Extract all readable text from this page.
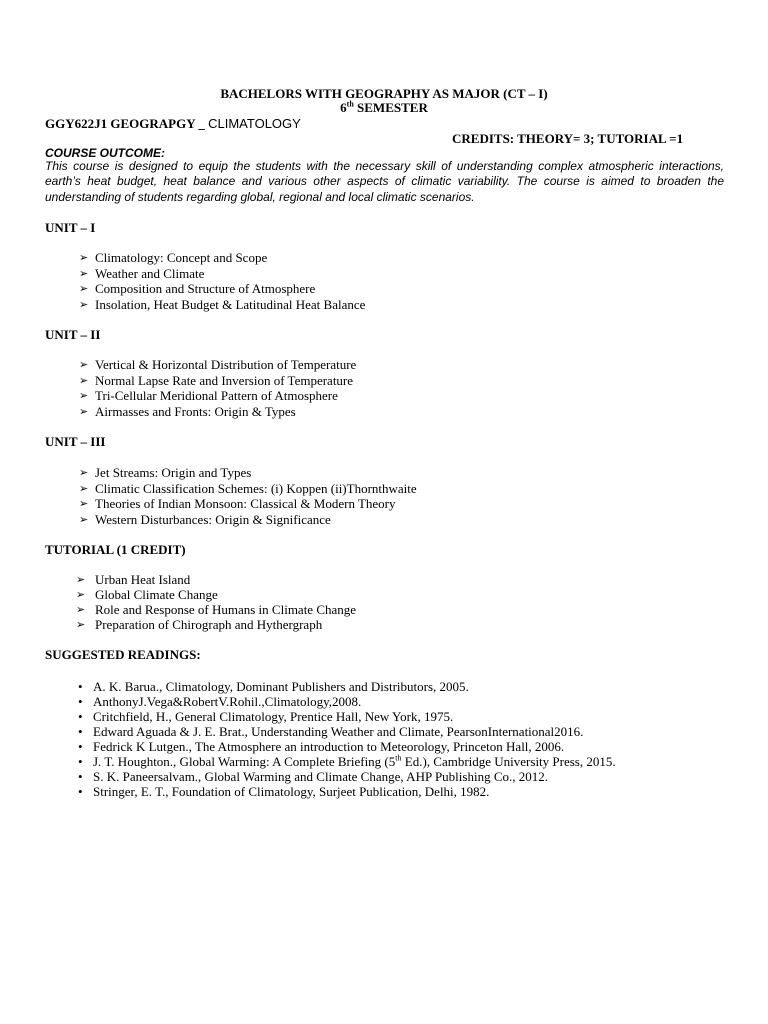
BACHELORS WITH GEOGRAPHY AS MAJOR (CT – I)
6th SEMESTER
GGY622J1 GEOGRAPGY _ CLIMATOLOGY
CREDITS: THEORY= 3; TUTORIAL =1
COURSE OUTCOME:
This course is designed to equip the students with the necessary skill of understanding complex atmospheric interactions, earth’s heat budget, heat balance and various other aspects of climatic variability. The course is aimed to broaden the understanding of students regarding global, regional and local climatic scenarios.
UNIT – I
➢ Climatology: Concept and Scope
➢ Weather and Climate
➢ Composition and Structure of Atmosphere
➢ Insolation, Heat Budget & Latitudinal Heat Balance
UNIT – II
➢ Vertical & Horizontal Distribution of Temperature
➢ Normal Lapse Rate and Inversion of Temperature
➢ Tri-Cellular Meridional Pattern of Atmosphere
➢ Airmasses and Fronts: Origin & Types
UNIT – III
➢ Jet Streams: Origin and Types
➢ Climatic Classification Schemes: (i) Koppen (ii)Thornthwaite
➢ Theories of Indian Monsoon: Classical & Modern Theory
➢ Western Disturbances: Origin & Significance
TUTORIAL (1 CREDIT)
➢ Urban Heat Island
➢ Global Climate Change
➢ Role and Response of Humans in Climate Change
➢ Preparation of Chirograph and Hythergraph
SUGGESTED READINGS:
• A. K. Barua., Climatology, Dominant Publishers and Distributors, 2005.
• AnthonyJ.Vega&RobertV.Rohil.,Climatology,2008.
• Critchfield, H., General Climatology, Prentice Hall, New York, 1975.
• Edward Aguada & J. E. Brat., Understanding Weather and Climate, PearsonInternational2016.
• Fedrick K Lutgen., The Atmosphere an introduction to Meteorology, Princeton Hall, 2006.
• J. T. Houghton., Global Warming: A Complete Briefing (5th Ed.), Cambridge University Press, 2015.
• S. K. Paneersalvam., Global Warming and Climate Change, AHP Publishing Co., 2012.
• Stringer, E. T., Foundation of Climatology, Surjeet Publication, Delhi, 1982.
